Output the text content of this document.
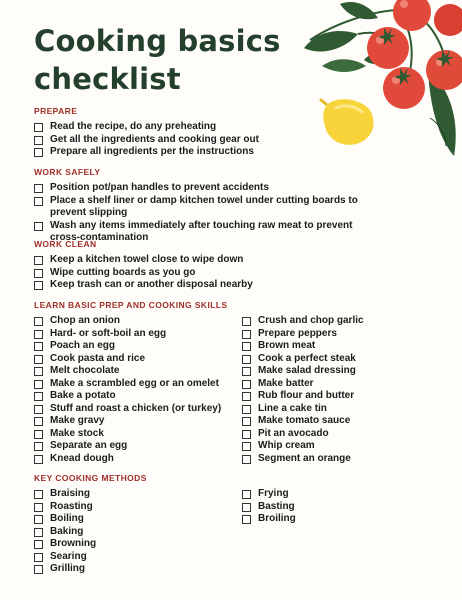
Cooking basics checklist
PREPARE
Read the recipe, do any preheating
Get all the ingredients and cooking gear out
Prepare all ingredients per the instructions
WORK SAFELY
Position pot/pan handles to prevent accidents
Place a shelf liner or damp kitchen towel under cutting boards to prevent slipping
Wash any items immediately after touching raw meat to prevent cross-contamination
WORK CLEAN
Keep a kitchen towel close to wipe down
Wipe cutting boards as you go
Keep trash can or another disposal nearby
LEARN BASIC PREP AND COOKING SKILLS
Chop an onion
Hard- or soft-boil an egg
Poach an egg
Cook pasta and rice
Melt chocolate
Make a scrambled egg or an omelet
Bake a potato
Stuff and roast a chicken (or turkey)
Make gravy
Make stock
Separate an egg
Knead dough
Crush and chop garlic
Prepare peppers
Brown meat
Cook a perfect steak
Make salad dressing
Make batter
Rub flour and butter
Line a cake tin
Make tomato sauce
Pit an avocado
Whip cream
Segment an orange
KEY COOKING METHODS
Braising
Roasting
Boiling
Baking
Browning
Searing
Grilling
Frying
Basting
Broiling
